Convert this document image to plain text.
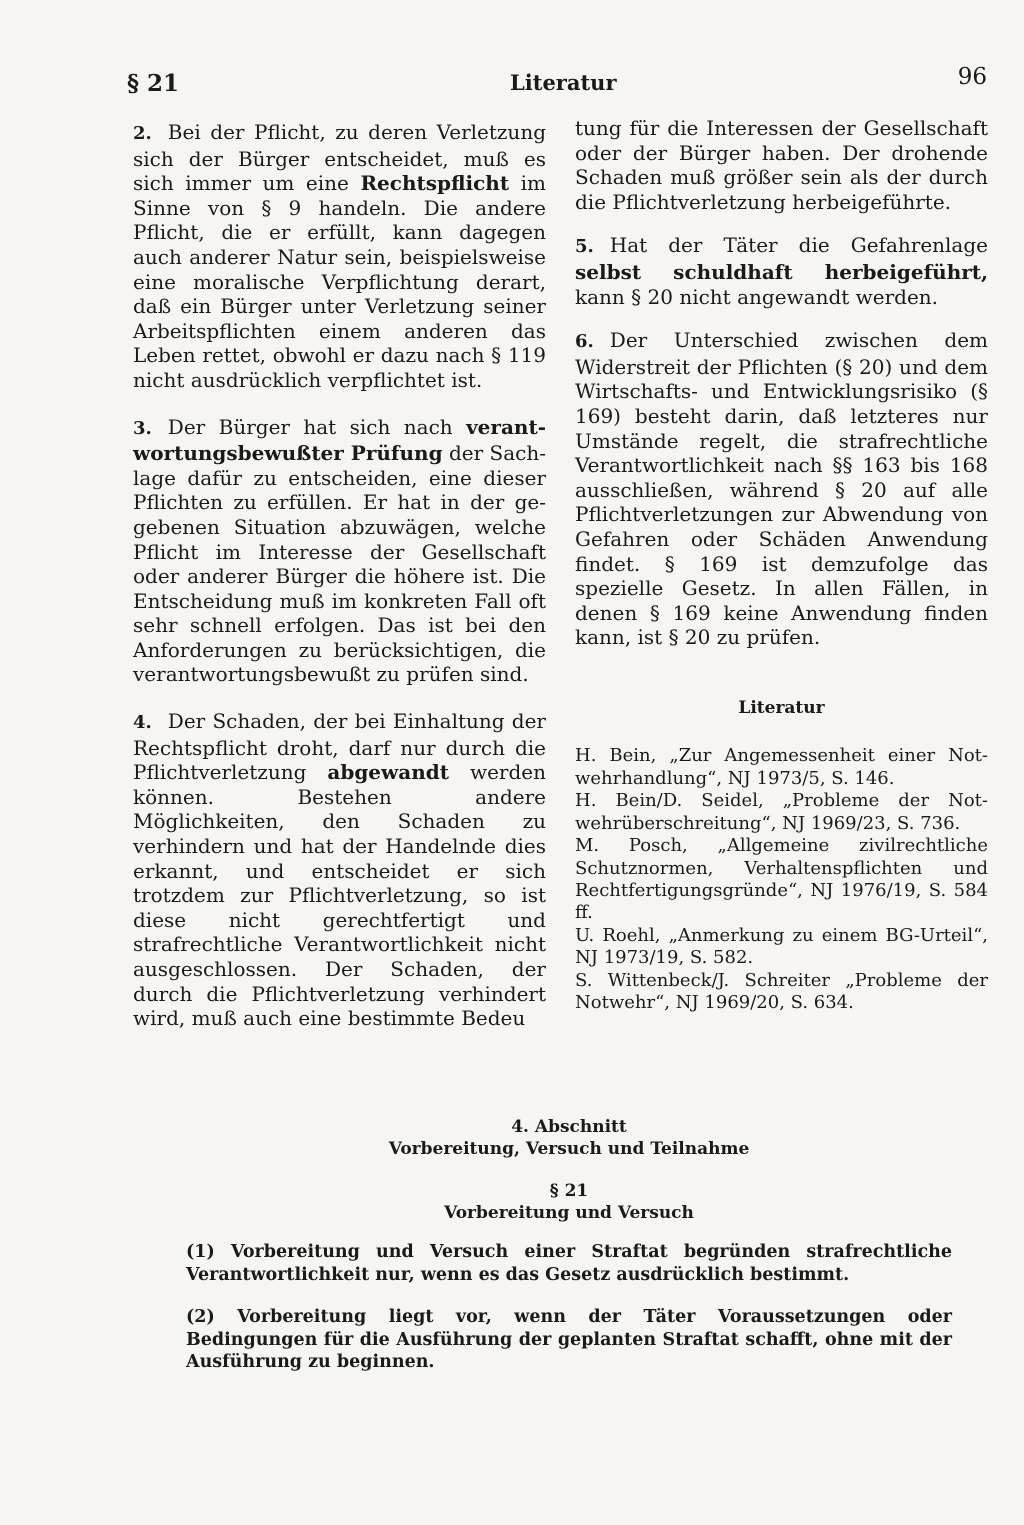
§ 21	Literatur	96

2. Bei der Pflicht, zu deren Verletzung sich der Bürger entscheidet, muß es sich immer um eine Rechtspflicht im Sinne von § 9 handeln. Die andere Pflicht, die er erfüllt, kann dagegen auch anderer Natur sein, beispielsweise eine moralische Verpflichtung derart, daß ein Bürger unter Verletzung seiner Arbeitspflichten einem anderen das Leben rettet, obwohl er dazu nach § 119 nicht ausdrücklich verpflichtet ist.

3. Der Bürger hat sich nach verantwortungsbewußter Prüfung der Sachlage dafür zu entscheiden, eine dieser Pflichten zu erfüllen. Er hat in der gegebenen Situation abzuwägen, welche Pflicht im Interesse der Gesellschaft oder anderer Bürger die höhere ist. Die Entscheidung muß im konkreten Fall oft sehr schnell erfolgen. Das ist bei den Anforderungen zu berücksichtigen, die verantwortungsbewußt zu prüfen sind.

4. Der Schaden, der bei Einhaltung der Rechtspflicht droht, darf nur durch die Pflichtverletzung abgewandt werden können. Bestehen andere Möglichkeiten, den Schaden zu verhindern und hat der Handelnde dies erkannt, und entscheidet er sich trotzdem zur Pflichtverletzung, so ist diese nicht gerechtfertigt und strafrechtliche Verantwortlichkeit nicht ausgeschlossen. Der Schaden, der durch die Pflichtverletzung verhindert wird, muß auch eine bestimmte Bedeu

tung für die Interessen der Gesellschaft oder der Bürger haben. Der drohende Schaden muß größer sein als der durch die Pflichtverletzung herbeigeführte.

5. Hat der Täter die Gefahrenlage selbst schuldhaft herbeigeführt, kann § 20 nicht angewandt werden.

6. Der Unterschied zwischen dem Widerstreit der Pflichten (§ 20) und dem Wirtschafts- und Entwicklungsrisiko (§ 169) besteht darin, daß letzteres nur Umstände regelt, die strafrechtliche Verantwortlichkeit nach §§ 163 bis 168 ausschließen, während § 20 auf alle Pflichtverletzungen zur Abwendung von Gefahren oder Schäden Anwendung findet. § 169 ist demzufolge das spezielle Gesetz. In allen Fällen, in denen § 169 keine Anwendung finden kann, ist § 20 zu prüfen.

Literatur

H. Bein, „Zur Angemessenheit einer Notwehrhandlung“, NJ 1973/5, S. 146.
H. Bein/D. Seidel, „Probleme der Notwehrüberschreitung“, NJ 1969/23, S. 736.
M. Posch, „Allgemeine zivilrechtliche Schutznormen, Verhaltenspflichten und Rechtfertigungsgründe“, NJ 1976/19, S. 584 ff.
U. Roehl, „Anmerkung zu einem BG-Urteil“, NJ 1973/19, S. 582.
S. Wittenbeck/J. Schreiter „Probleme der Notwehr“, NJ 1969/20, S. 634.

4. Abschnitt

Vorbereitung, Versuch und Teilnahme

§ 21

Vorbereitung und Versuch

(1) Vorbereitung und Versuch einer Straftat begründen strafrechtliche Verantwortlichkeit nur, wenn es das Gesetz ausdrücklich bestimmt.

(2) Vorbereitung liegt vor, wenn der Täter Voraussetzungen oder Bedingungen für die Ausführung der geplanten Straftat schafft, ohne mit der Ausführung zu beginnen.
